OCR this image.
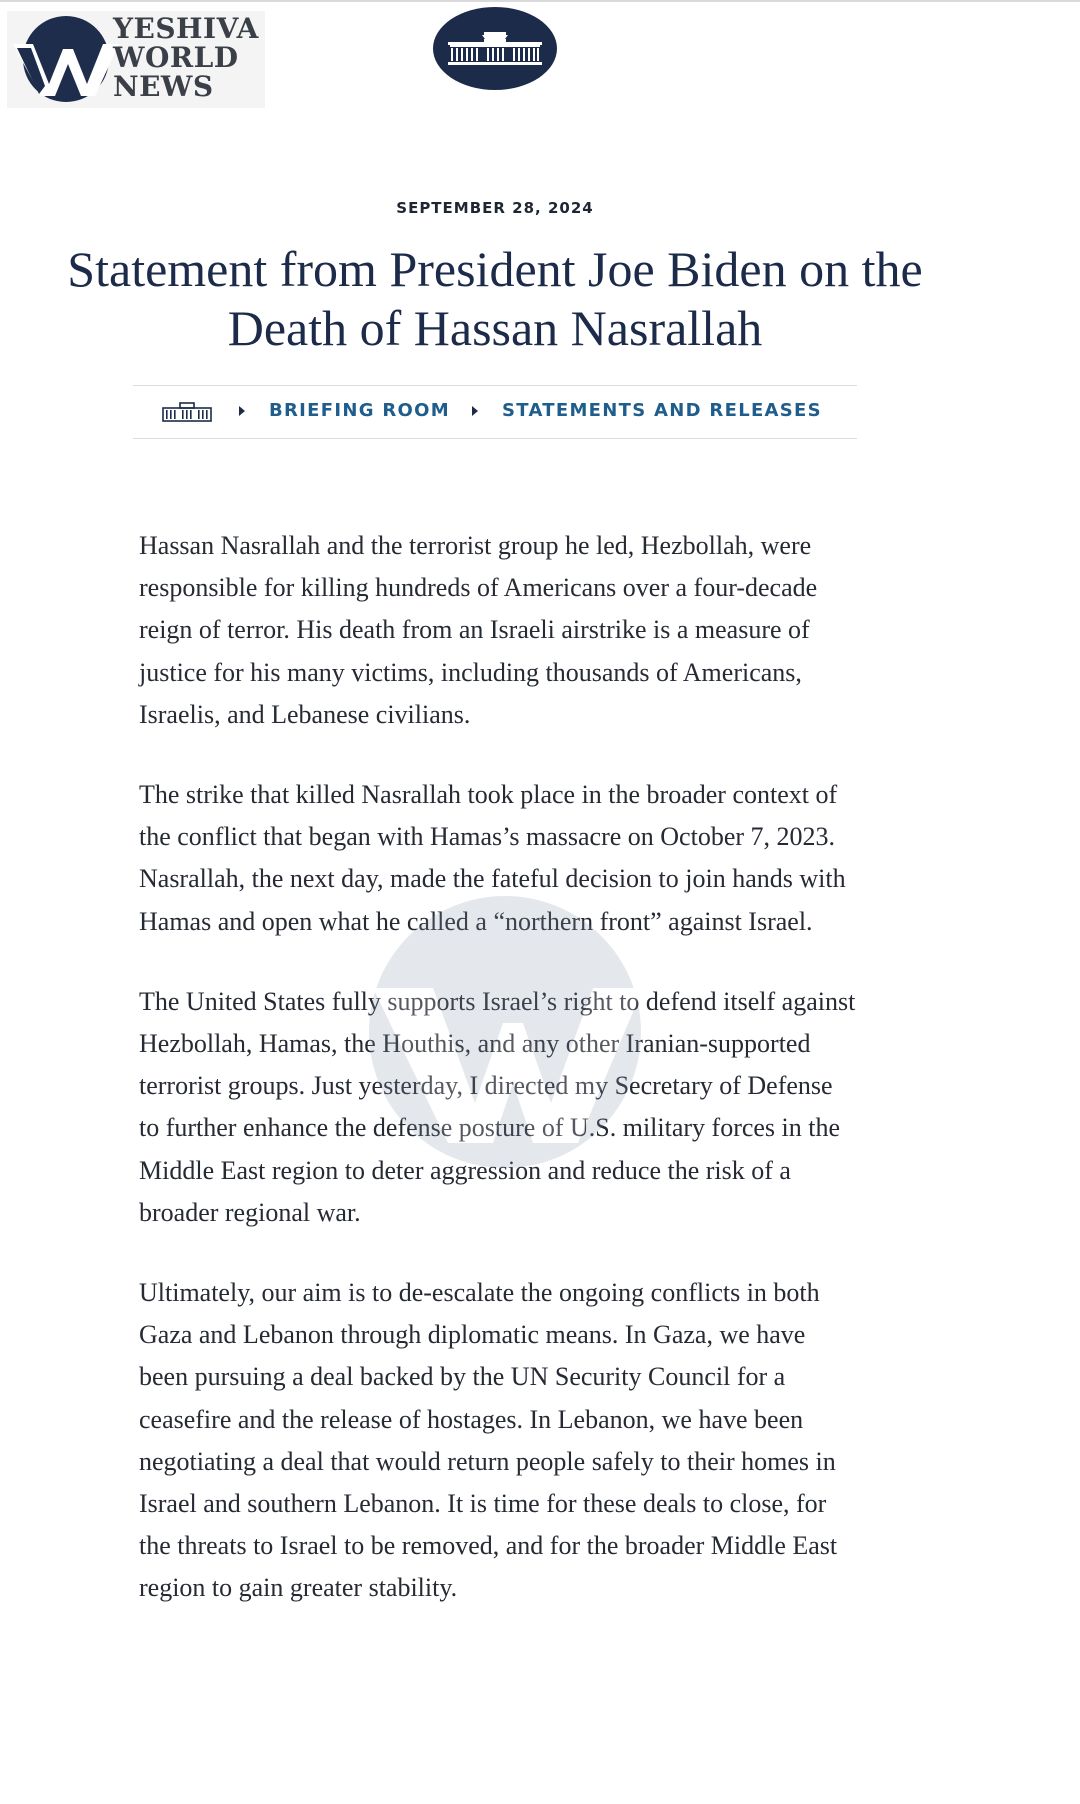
YESHIVA
WORLD
NEWS
SEPTEMBER 28, 2024
Statement from President Joe Biden on the Death of Hassan Nasrallah
BRIEFING ROOM	STATEMENTS AND RELEASES

Hassan Nasrallah and the terrorist group he led, Hezbollah, were responsible for killing hundreds of Americans over a four-decade reign of terror. His death from an Israeli airstrike is a measure of justice for his many victims, including thousands of Americans, Israelis, and Lebanese civilians.

The strike that killed Nasrallah took place in the broader context of the conflict that began with Hamas’s massacre on October 7, 2023. Nasrallah, the next day, made the fateful decision to join hands with Hamas and open what he called a “northern front” against Israel.

The United States fully supports Israel’s right to defend itself against Hezbollah, Hamas, the Houthis, and any other Iranian-supported terrorist groups. Just yesterday, I directed my Secretary of Defense to further enhance the defense posture of U.S. military forces in the Middle East region to deter aggression and reduce the risk of a broader regional war.

Ultimately, our aim is to de-escalate the ongoing conflicts in both Gaza and Lebanon through diplomatic means. In Gaza, we have been pursuing a deal backed by the UN Security Council for a ceasefire and the release of hostages. In Lebanon, we have been negotiating a deal that would return people safely to their homes in Israel and southern Lebanon. It is time for these deals to close, for the threats to Israel to be removed, and for the broader Middle East region to gain greater stability.
